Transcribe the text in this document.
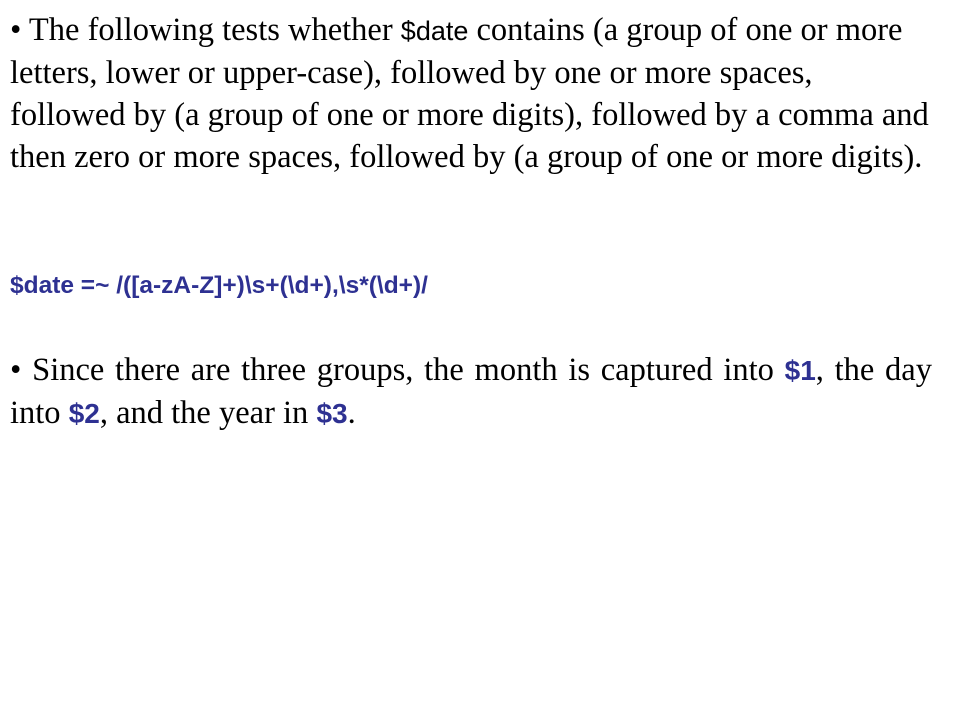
• The following tests whether $date contains (a group of one or more letters, lower or upper-case), followed by one or more spaces, followed by (a group of one or more digits), followed by a comma and then zero or more spaces, followed by (a group of one or more digits).

$date =~ /([a-zA-Z]+)\s+(\d+),\s*(\d+)/

• Since there are three groups, the month is captured into $1, the day into $2, and the year in $3.
